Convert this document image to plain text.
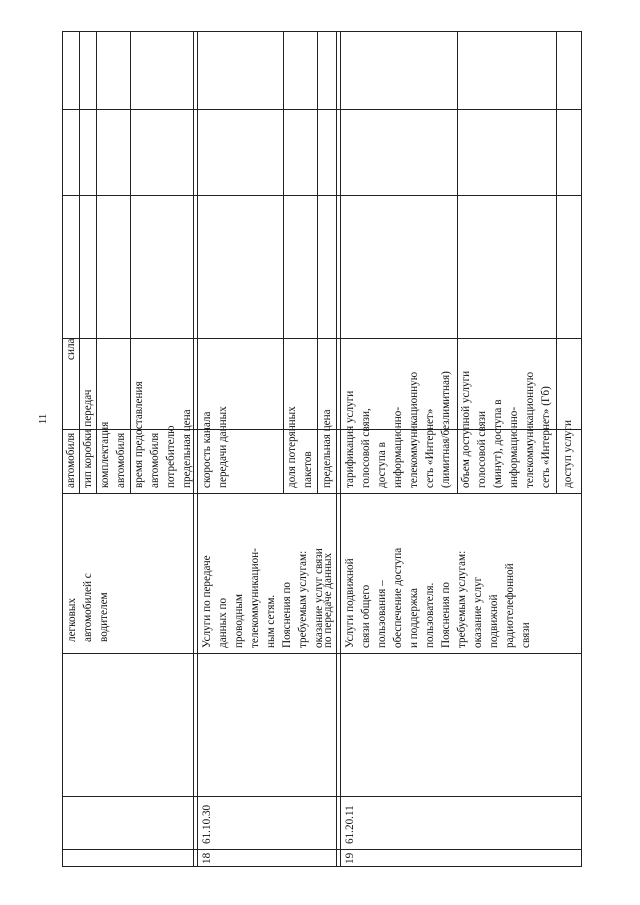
11
легковых автомобилей с водителем
автомобиля тип коробки передач комплектация автомобиля время предоставления автомобиля потребителю предельная цена
сила
18
61.10.30
Услуги по передаче данных по проводным телекоммуникацион- ным сетям. Пояснения по требуемым услугам: оказание услуг связи
по передаче данных
скорость канала передачи данных	доля потерянных пакетов предельная цена
19
61.20.11
Услуги подвижной связи общего пользования – обеспечение доступа и поддержка пользователя. Пояснения по требуемым услугам: оказание услуг подвижной радиотелефонной связи
тарификация услуги голосовой связи, доступа в информационно- телекоммуникационную сеть «Интернет» (лимитная/безлимитная) объем доступной услуги голосовой связи (минут), доступа в информационно- телекоммуникационную сеть «Интернет» (Гб) доступ услуги
